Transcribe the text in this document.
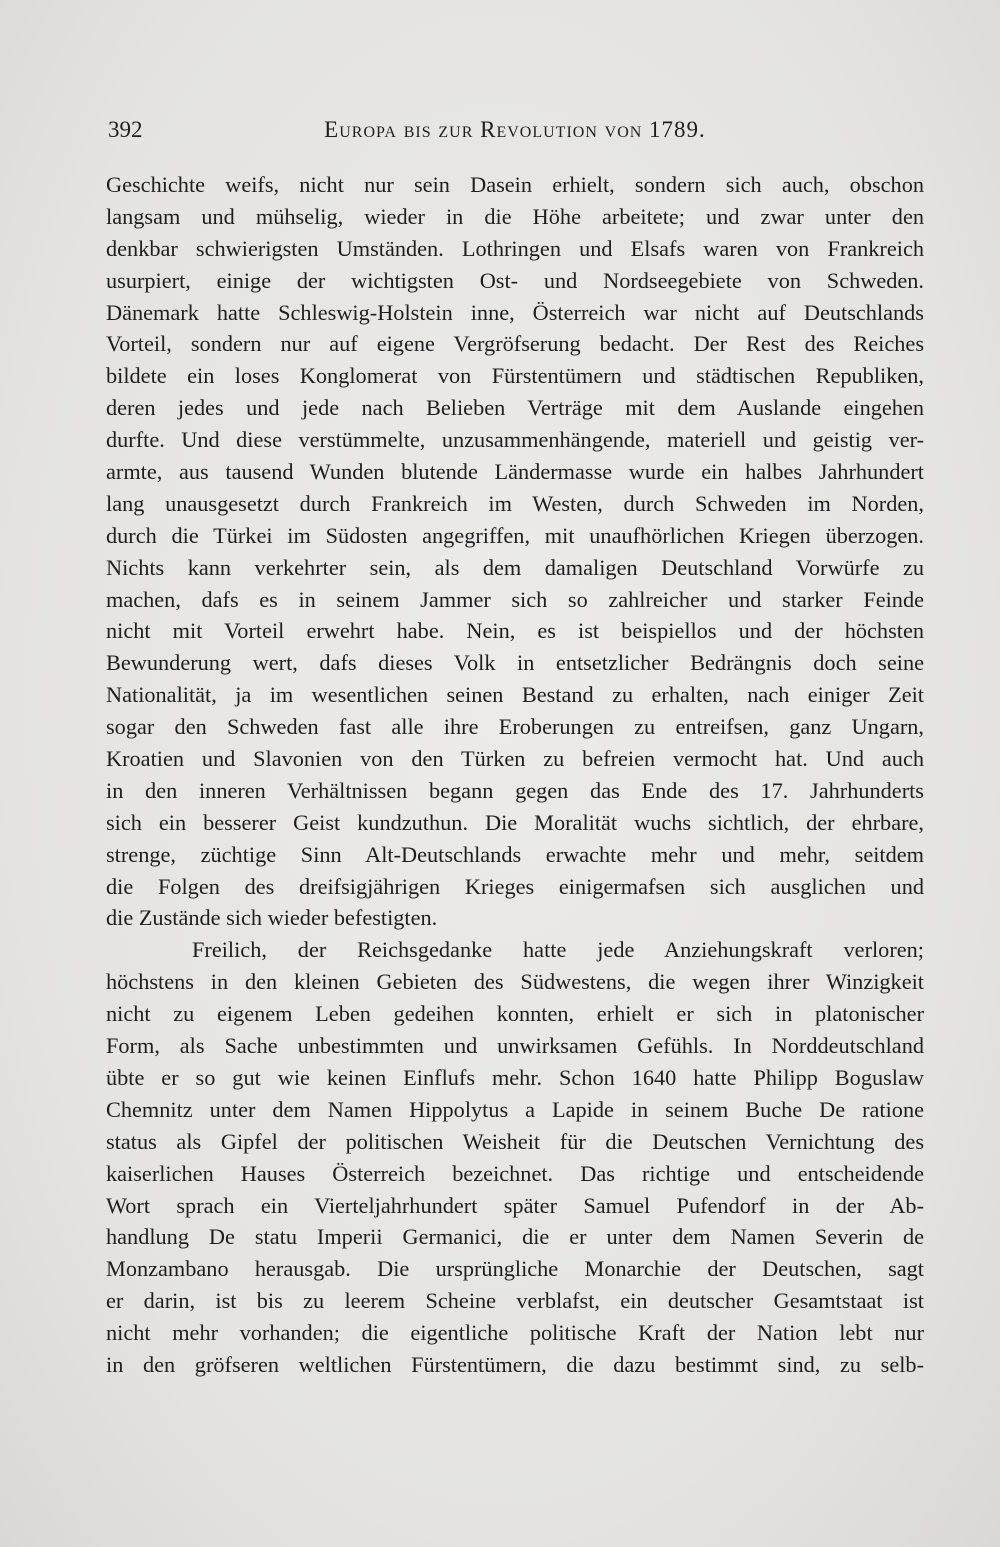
392	Europa bis zur Revolution von 1789.
Geschichte weifs, nicht nur sein Dasein erhielt, sondern sich auch, obschon
langsam und mühselig, wieder in die Höhe arbeitete; und zwar unter den
denkbar schwierigsten Umständen. Lothringen und Elsafs waren von Frankreich
usurpiert, einige der wichtigsten Ost- und Nordseegebiete von Schweden.
Dänemark hatte Schleswig-Holstein inne, Österreich war nicht auf Deutschlands
Vorteil, sondern nur auf eigene Vergröfserung bedacht. Der Rest des Reiches
bildete ein loses Konglomerat von Fürstentümern und städtischen Republiken,
deren jedes und jede nach Belieben Verträge mit dem Auslande eingehen
durfte. Und diese verstümmelte, unzusammenhängende, materiell und geistig ver-
armte, aus tausend Wunden blutende Ländermasse wurde ein halbes Jahrhundert
lang unausgesetzt durch Frankreich im Westen, durch Schweden im Norden,
durch die Türkei im Südosten angegriffen, mit unaufhörlichen Kriegen überzogen.
Nichts kann verkehrter sein, als dem damaligen Deutschland Vorwürfe zu
machen, dafs es in seinem Jammer sich so zahlreicher und starker Feinde
nicht mit Vorteil erwehrt habe. Nein, es ist beispiellos und der höchsten
Bewunderung wert, dafs dieses Volk in entsetzlicher Bedrängnis doch seine
Nationalität, ja im wesentlichen seinen Bestand zu erhalten, nach einiger Zeit
sogar den Schweden fast alle ihre Eroberungen zu entreifsen, ganz Ungarn,
Kroatien und Slavonien von den Türken zu befreien vermocht hat. Und auch
in den inneren Verhältnissen begann gegen das Ende des 17. Jahrhunderts
sich ein besserer Geist kundzuthun. Die Moralität wuchs sichtlich, der ehrbare,
strenge, züchtige Sinn Alt-Deutschlands erwachte mehr und mehr, seitdem
die Folgen des dreifsigjährigen Krieges einigermafsen sich ausglichen und
die Zustände sich wieder befestigten.
Freilich, der Reichsgedanke hatte jede Anziehungskraft verloren;
höchstens in den kleinen Gebieten des Südwestens, die wegen ihrer Winzigkeit
nicht zu eigenem Leben gedeihen konnten, erhielt er sich in platonischer
Form, als Sache unbestimmten und unwirksamen Gefühls. In Norddeutschland
übte er so gut wie keinen Einflufs mehr. Schon 1640 hatte Philipp Boguslaw
Chemnitz unter dem Namen Hippolytus a Lapide in seinem Buche De ratione
status als Gipfel der politischen Weisheit für die Deutschen Vernichtung des
kaiserlichen Hauses Österreich bezeichnet. Das richtige und entscheidende
Wort sprach ein Vierteljahrhundert später Samuel Pufendorf in der Ab-
handlung De statu Imperii Germanici, die er unter dem Namen Severin de
Monzambano herausgab. Die ursprüngliche Monarchie der Deutschen, sagt
er darin, ist bis zu leerem Scheine verblafst, ein deutscher Gesamtstaat ist
nicht mehr vorhanden; die eigentliche politische Kraft der Nation lebt nur
in den gröfseren weltlichen Fürstentümern, die dazu bestimmt sind, zu selb-
